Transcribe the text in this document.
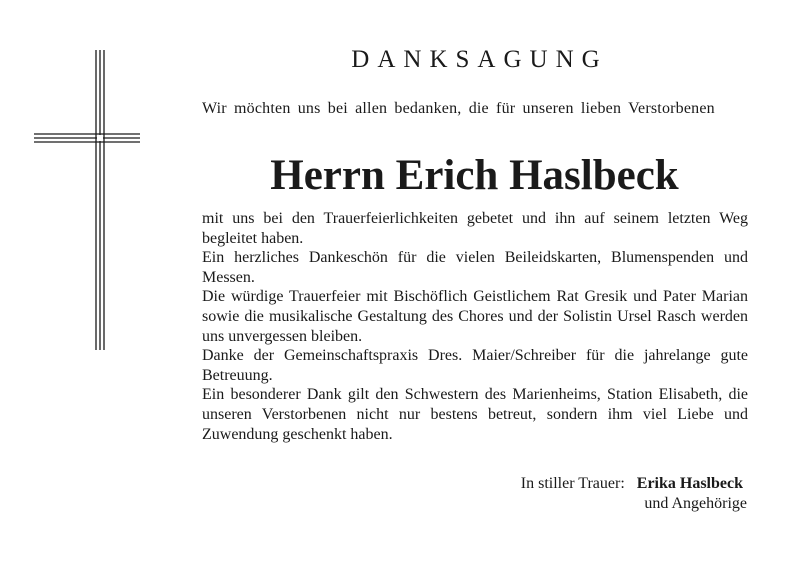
DANKSAGUNG
Wir möchten uns bei allen bedanken, die für unseren lieben Verstorbenen
Herrn Erich Haslbeck

mit uns bei den Trauerfeierlichkeiten gebetet und ihn auf seinem letzten Weg begleitet haben.

Ein herzliches Dankeschön für die vielen Beileidskarten, Blumenspenden und Messen.

Die würdige Trauerfeier mit Bischöflich Geistlichem Rat Gresik und Pater Marian sowie die musikalische Gestaltung des Chores und der Solistin Ursel Rasch werden uns unvergessen bleiben.

Danke der Gemeinschaftspraxis Dres. Maier/Schreiber für die jahrelange gute Betreuung.

Ein besonderer Dank gilt den Schwestern des Marienheims, Station Elisabeth, die unseren Verstorbenen nicht nur bestens betreut, sondern ihm viel Liebe und Zuwendung geschenkt haben.

In stiller Trauer: Erika Haslbeck
und Angehörige
